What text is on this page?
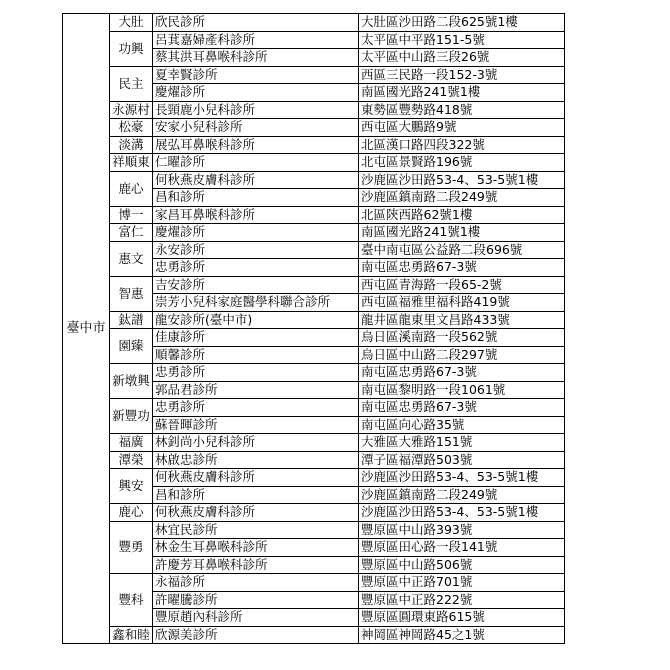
臺中市	大肚	欣民診所	大肚區沙田路二段625號1樓
	功興	呂萁嘉婦產科診所	太平區中平路151-5號
		蔡其洪耳鼻喉科診所	太平區中山路三段26號
	民主	夏幸賢診所	西區三民路一段152-3號
		慶燿診所	南區國光路241號1樓
	永源村	長頸鹿小兒科診所	東勢區豐勢路418號
	松豪	安家小兒科診所	西屯區大鵬路9號
	淡溝	展弘耳鼻喉科診所	北區漢口路四段322號
	祥順東	仁曜診所	北屯區景賢路196號
	鹿心	何秋燕皮膚科診所	沙鹿區沙田路53-4、53-5號1樓
		昌和診所	沙鹿區鎮南路二段249號
	博一	家昌耳鼻喉科診所	北區陝西路62號1樓
	富仁	慶燿診所	南區國光路241號1樓
	惠文	永安診所	臺中南屯區公益路二段696號
		忠勇診所	南屯區忠勇路67-3號
	智惠	吉安診所	西屯區青海路一段65-2號
		崇芳小兒科家庭醫學科聯合診所	西屯區福雅里福科路419號
	鈦譜	龍安診所(臺中市)	龍井區龍東里文昌路433號
	園臻	佳康診所	烏日區溪南路一段562號
		順馨診所	烏日區中山路二段297號
	新墩興	忠勇診所	南屯區忠勇路67-3號
		郭品君診所	南屯區黎明路一段1061號
	新豐功	忠勇診所	南屯區忠勇路67-3號
		蘇晉暉診所	南屯區向心路35號
	福廣	林釗尚小兒科診所	大雅區大雅路151號
	潭榮	林啟忠診所	潭子區福潭路503號
	興安	何秋燕皮膚科診所	沙鹿區沙田路53-4、53-5號1樓
		昌和診所	沙鹿區鎮南路二段249號
	鹿心	何秋燕皮膚科診所	沙鹿區沙田路53-4、53-5號1樓
	豐勇	林宜民診所	豐原區中山路393號
		林金生耳鼻喉科診所	豐原區田心路一段141號
		許慶芳耳鼻喉科診所	豐原區中山路506號
	豐科	永福診所	豐原區中正路701號
		許曜騰診所	豐原區中正路222號
		豐原趙內科診所	豐原區圓環東路615號
	鑫和睦	欣源美診所	神岡區神岡路45之1號
